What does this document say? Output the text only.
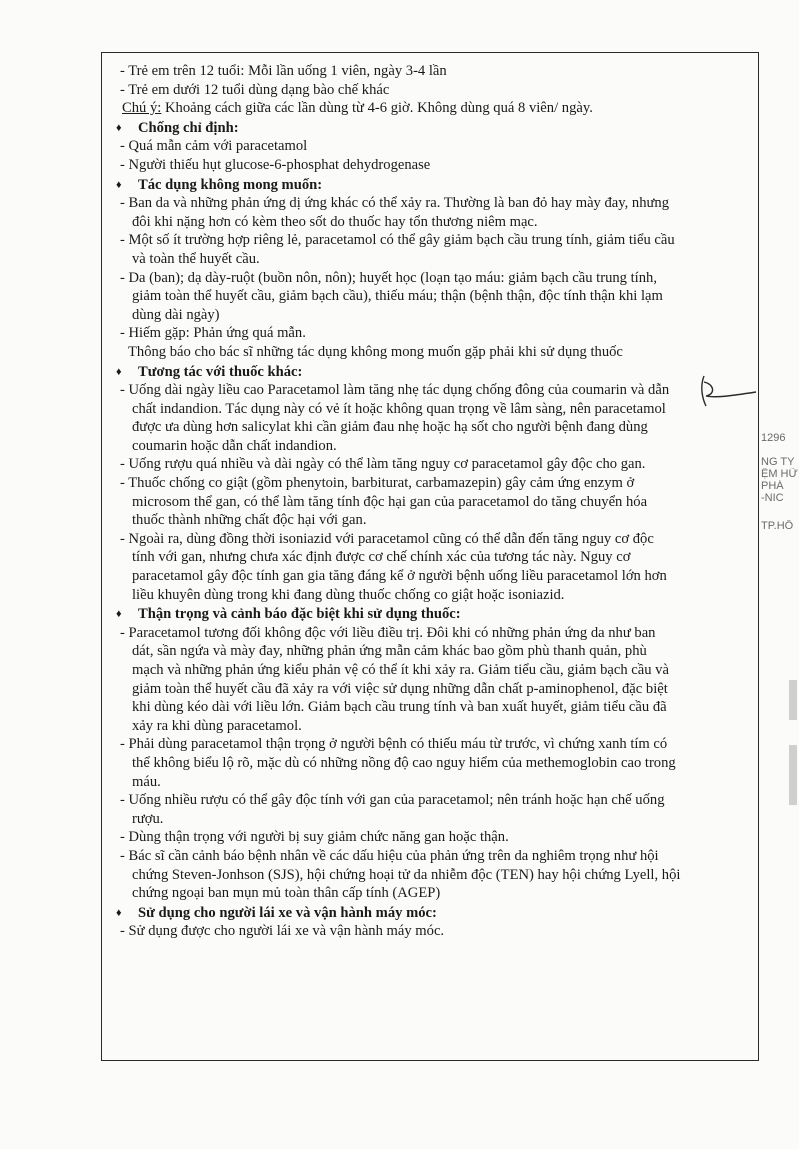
- Trẻ em trên 12 tuổi: Mỗi lần uống 1 viên, ngày 3-4 lần
- Trẻ em dưới 12 tuổi dùng dạng bào chế khác
Chú ý: Khoảng cách giữa các lần dùng từ 4-6 giờ. Không dùng quá 8 viên/ ngày.
♦ Chống chỉ định:
- Quá mẫn cảm với paracetamol
- Người thiếu hụt glucose-6-phosphat dehydrogenase
♦ Tác dụng không mong muốn:
- Ban da và những phản ứng dị ứng khác có thể xảy ra. Thường là ban đỏ hay mày đay, nhưng
đôi khi nặng hơn có kèm theo sốt do thuốc hay tổn thương niêm mạc.
- Một số ít trường hợp riêng lẻ, paracetamol có thể gây giảm bạch cầu trung tính, giảm tiểu cầu
và toàn thể huyết cầu.
- Da (ban); dạ dày-ruột (buồn nôn, nôn); huyết học (loạn tạo máu: giảm bạch cầu trung tính,
giảm toàn thể huyết cầu, giảm bạch cầu), thiếu máu; thận (bệnh thận, độc tính thận khi lạm
dùng dài ngày)
- Hiếm gặp: Phản ứng quá mẫn.
Thông báo cho bác sĩ những tác dụng không mong muốn gặp phải khi sử dụng thuốc
♦ Tương tác với thuốc khác:
- Uống dài ngày liều cao Paracetamol làm tăng nhẹ tác dụng chống đông của coumarin và dẫn
chất indandion. Tác dụng này có vẻ ít hoặc không quan trọng về lâm sàng, nên paracetamol
được ưa dùng hơn salicylat khi cần giảm đau nhẹ hoặc hạ sốt cho người bệnh đang dùng
coumarin hoặc dẫn chất indandion.
- Uống rượu quá nhiều và dài ngày có thể làm tăng nguy cơ paracetamol gây độc cho gan.
- Thuốc chống co giật (gồm phenytoin, barbiturat, carbamazepin) gây cảm ứng enzym ở
microsom thể gan, có thể làm tăng tính độc hại gan của paracetamol do tăng chuyển hóa
thuốc thành những chất độc hại với gan.
- Ngoài ra, dùng đồng thời isoniazid với paracetamol cũng có thể dẫn đến tăng nguy cơ độc
tính với gan, nhưng chưa xác định được cơ chế chính xác của tương tác này. Nguy cơ
paracetamol gây độc tính gan gia tăng đáng kể ở người bệnh uống liều paracetamol lớn hơn
liều khuyên dùng trong khi đang dùng thuốc chống co giật hoặc isoniazid.
♦ Thận trọng và cảnh báo đặc biệt khi sử dụng thuốc:
- Paracetamol tương đối không độc với liều điều trị. Đôi khi có những phản ứng da như ban
dát, sần ngứa và mày đay, những phản ứng mẫn cảm khác bao gồm phù thanh quản, phù
mạch và những phản ứng kiểu phản vệ có thể ít khi xảy ra. Giảm tiểu cầu, giảm bạch cầu và
giảm toàn thể huyết cầu đã xảy ra với việc sử dụng những dẫn chất p-aminophenol, đặc biệt
khi dùng kéo dài với liều lớn. Giảm bạch cầu trung tính và ban xuất huyết, giảm tiểu cầu đã
xảy ra khi dùng paracetamol.
- Phải dùng paracetamol thận trọng ở người bệnh có thiếu máu từ trước, vì chứng xanh tím có
thể không biểu lộ rõ, mặc dù có những nồng độ cao nguy hiểm của methemoglobin cao trong
máu.
- Uống nhiều rượu có thể gây độc tính với gan của paracetamol; nên tránh hoặc hạn chế uống
rượu.
- Dùng thận trọng với người bị suy giảm chức năng gan hoặc thận.
- Bác sĩ cần cảnh báo bệnh nhân về các dấu hiệu của phản ứng trên da nghiêm trọng như hội
chứng Steven-Jonhson (SJS), hội chứng hoại tử da nhiễm độc (TEN) hay hội chứng Lyell, hội
chứng ngoại ban mụn mủ toàn thân cấp tính (AGEP)
♦ Sử dụng cho người lái xe và vận hành máy móc:
- Sử dụng được cho người lái xe và vận hành máy móc.
1296
NG TY
ỆM HỮ
PHÁ
-NIC
TP.HỒ
